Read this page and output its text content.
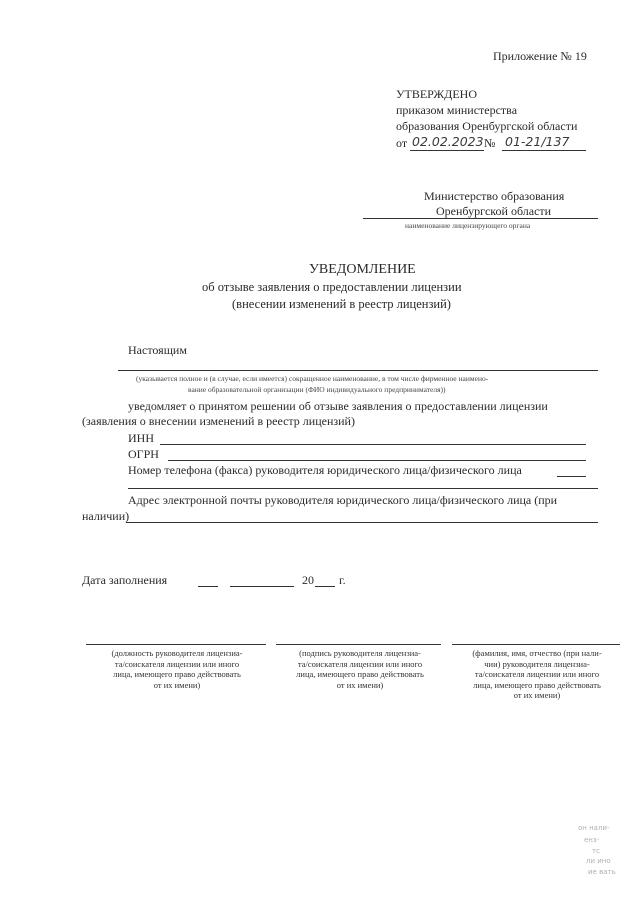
Приложение № 19
УТВЕРЖДЕНО
приказом министерства
образования Оренбургской области
от 02.02.2023 № 01-21/137
Министерство образования
Оренбургской области
наименование лицензирующего органа
УВЕДОМЛЕНИЕ
об отзыве заявления о предоставлении лицензии
(внесении изменений в реестр лицензий)
Настоящим
(указывается полное и (в случае, если имеется) сокращенное наименование, в том числе фирменное наимено-
вание образовательной организации (ФИО индивидуального предпринимателя))
уведомляет о принятом решении об отзыве заявления о предоставлении лицензии
(заявления о внесении изменений в реестр лицензий)
ИНН
ОГРН
Номер телефона (факса) руководителя юридического лица/физического лица
Адрес электронной почты руководителя юридического лица/физического лица (при
наличии)
Дата заполнения	20 г.
(должность руководителя лицензиа-
та/соискателя лицензии или иного
лица, имеющего право действовать
от их имени)
(подпись руководителя лицензиа-
та/соискателя лицензии или иного
лица, имеющего право действовать
от их имени)
(фамилия, имя, отчество (при нали-
чии) руководителя лицензиа-
та/соискателя лицензии или иного
лица, имеющего право действовать
от их имени)
он нали-
енз-
тс
ли ино
ие вать
